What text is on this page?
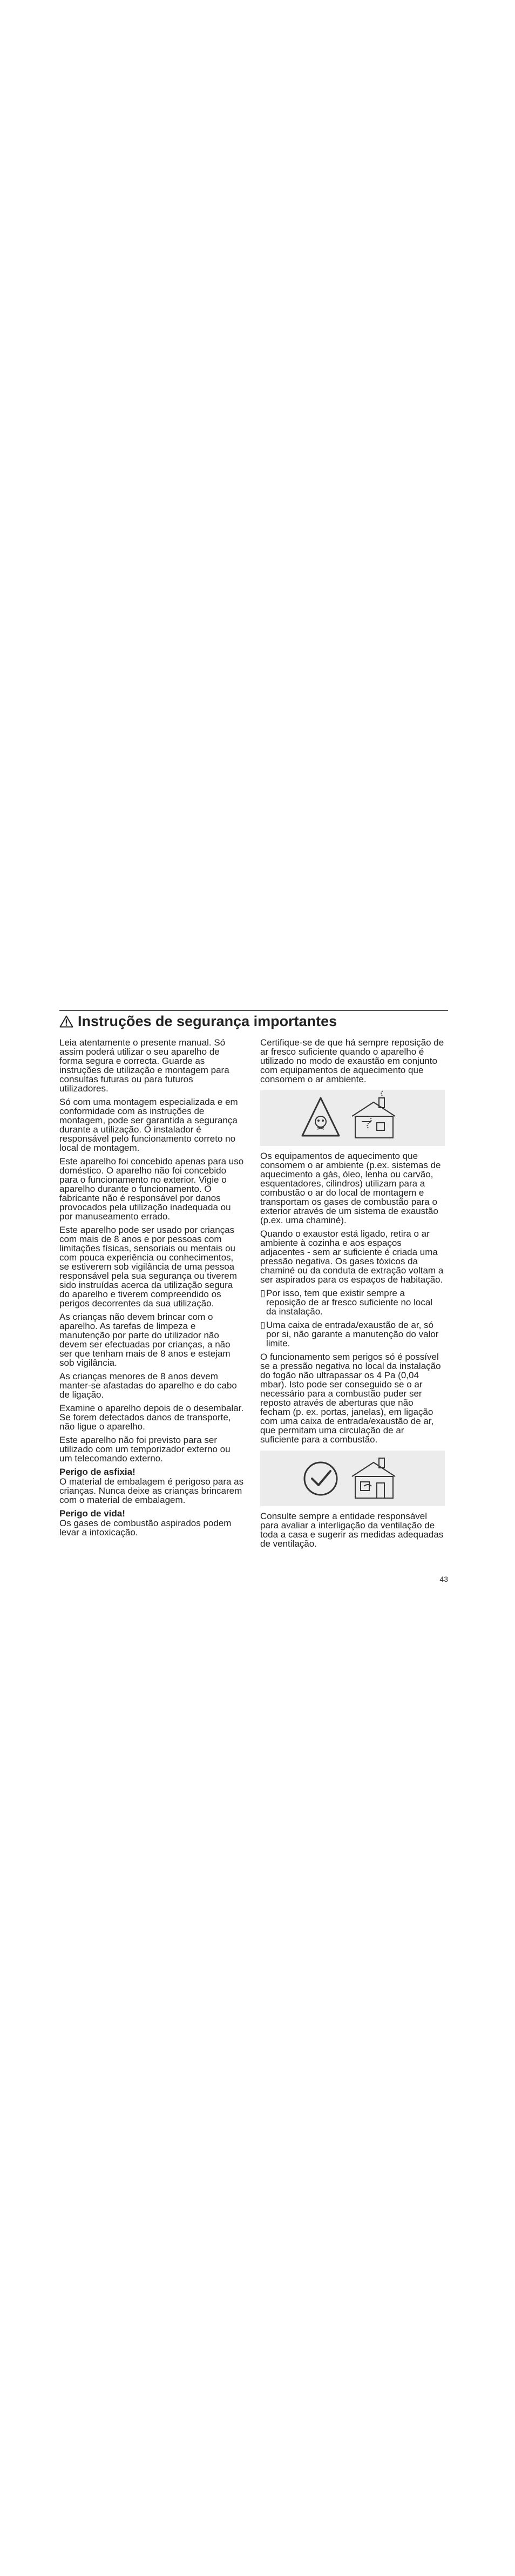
Instruções de segurança importantes

Leia atentamente o presente manual. Só assim poderá utilizar o seu aparelho de forma segura e correcta. Guarde as instruções de utilização e montagem para consultas futuras ou para futuros utilizadores.

Só com uma montagem especializada e em conformidade com as instruções de montagem, pode ser garantida a segurança durante a utilização. O instalador é responsável pelo funcionamento correto no local de montagem.

Este aparelho foi concebido apenas para uso doméstico. O aparelho não foi concebido para o funcionamento no exterior. Vigie o aparelho durante o funcionamento. O fabricante não é responsável por danos provocados pela utilização inadequada ou por manuseamento errado.

Este aparelho pode ser usado por crianças com mais de 8 anos e por pessoas com limitações físicas, sensoriais ou mentais ou com pouca experiência ou conhecimentos, se estiverem sob vigilância de uma pessoa responsável pela sua segurança ou tiverem sido instruídas acerca da utilização segura do aparelho e tiverem compreendido os perigos decorrentes da sua utilização.

As crianças não devem brincar com o aparelho. As tarefas de limpeza e manutenção por parte do utilizador não devem ser efectuadas por crianças, a não ser que tenham mais de 8 anos e estejam sob vigilância.

As crianças menores de 8 anos devem manter-se afastadas do aparelho e do cabo de ligação.

Examine o aparelho depois de o desembalar. Se forem detectados danos de transporte, não ligue o aparelho.

Este aparelho não foi previsto para ser utilizado com um temporizador externo ou um telecomando externo.

Perigo de asfixia!

O material de embalagem é perigoso para as crianças. Nunca deixe as crianças brincarem com o material de embalagem.

Perigo de vida!

Os gases de combustão aspirados podem levar a intoxicação.

Certifique-se de que há sempre reposição de ar fresco suficiente quando o aparelho é utilizado no modo de exaustão em conjunto com equipamentos de aquecimento que consomem o ar ambiente.

Os equipamentos de aquecimento que consomem o ar ambiente (p.ex. sistemas de aquecimento a gás, óleo, lenha ou carvão, esquentadores, cilindros) utilizam para a combustão o ar do local de montagem e transportam os gases de combustão para o exterior através de um sistema de exaustão (p.ex. uma chaminé).

Quando o exaustor está ligado, retira o ar ambiente à cozinha e aos espaços adjacentes - sem ar suficiente é criada uma pressão negativa. Os gases tóxicos da chaminé ou da conduta de extração voltam a ser aspirados para os espaços de habitação.

▯ Por isso, tem que existir sempre a reposição de ar fresco suficiente no local da instalação.
▯ Uma caixa de entrada/exaustão de ar, só por si, não garante a manutenção do valor limite.

O funcionamento sem perigos só é possível se a pressão negativa no local da instalação do fogão não ultrapassar os 4 Pa (0,04 mbar). Isto pode ser conseguido se o ar necessário para a combustão puder ser reposto através de aberturas que não fecham (p. ex. portas, janelas), em ligação com uma caixa de entrada/exaustão de ar, que permitam uma circulação de ar suficiente para a combustão.

Consulte sempre a entidade responsável para avaliar a interligação da ventilação de toda a casa e sugerir as medidas adequadas de ventilação.

43
